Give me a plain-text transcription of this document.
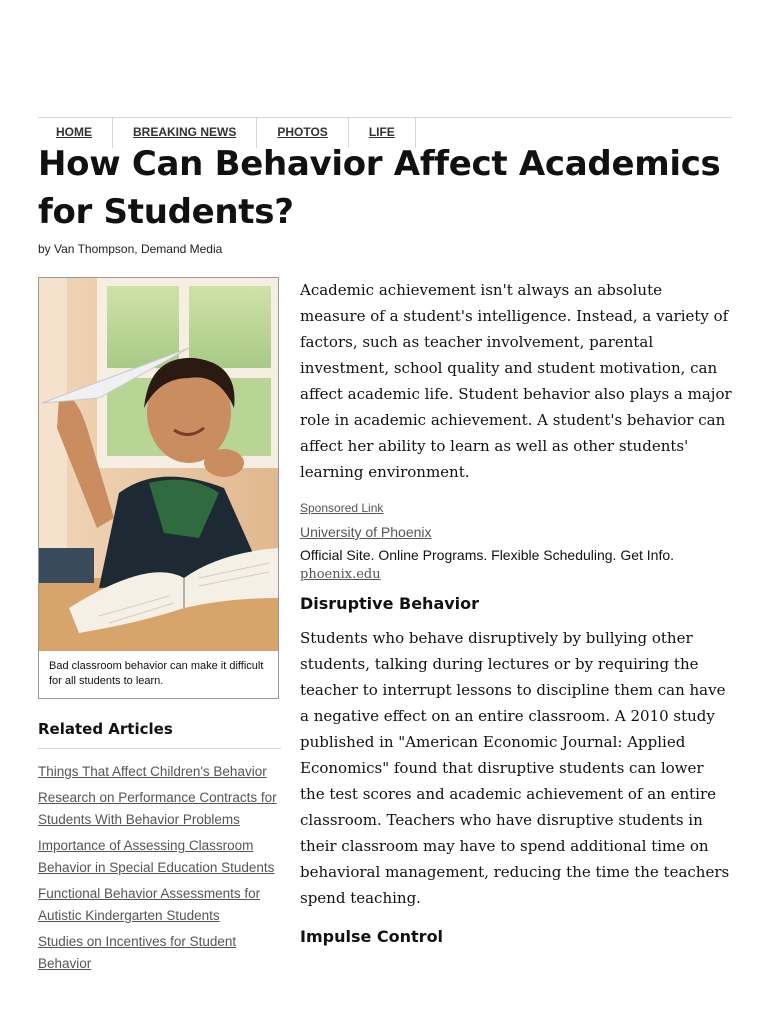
HOME	BREAKING NEWS	PHOTOS	LIFE
How Can Behavior Affect Academics for Students?
by Van Thompson, Demand Media
Bad classroom behavior can make it difficult for all students to learn.
Related Articles
Things That Affect Children's Behavior
Research on Performance Contracts for Students With Behavior Problems
Importance of Assessing Classroom Behavior in Special Education Students
Functional Behavior Assessments for Autistic Kindergarten Students
Studies on Incentives for Student Behavior

Academic achievement isn't always an absolute measure of a student's intelligence. Instead, a variety of factors, such as teacher involvement, parental investment, school quality and student motivation, can affect academic life. Student behavior also plays a major role in academic achievement. A student's behavior can affect her ability to learn as well as other students' learning environment.

Sponsored Link
University of Phoenix
Official Site. Online Programs. Flexible Scheduling. Get Info.
phoenix.edu
Disruptive Behavior

Students who behave disruptively by bullying other students, talking during lectures or by requiring the teacher to interrupt lessons to discipline them can have a negative effect on an entire classroom. A 2010 study published in "American Economic Journal: Applied Economics" found that disruptive students can lower the test scores and academic achievement of an entire classroom. Teachers who have disruptive students in their classroom may have to spend additional time on behavioral management, reducing the time the teachers spend teaching.

Impulse Control
